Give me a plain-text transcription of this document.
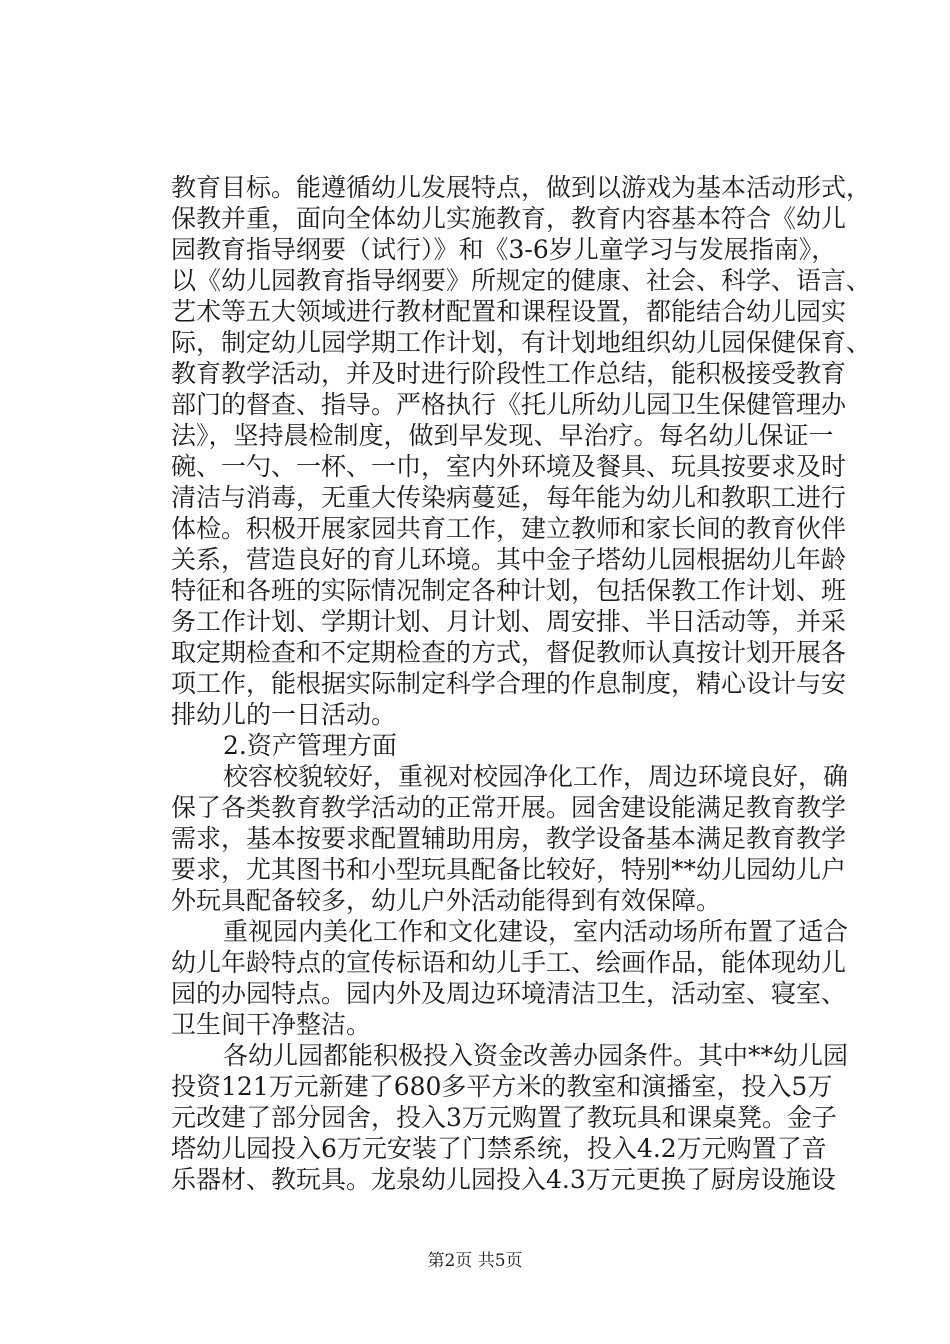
教育目标。能遵循幼儿发展特点，做到以游戏为基本活动形式，
保教并重，面向全体幼儿实施教育，教育内容基本符合《幼儿
园教育指导纲要（试行）》和《3-6岁儿童学习与发展指南》，
以《幼儿园教育指导纲要》所规定的健康、社会、科学、语言、
艺术等五大领域进行教材配置和课程设置，都能结合幼儿园实
际，制定幼儿园学期工作计划，有计划地组织幼儿园保健保育、
教育教学活动，并及时进行阶段性工作总结，能积极接受教育
部门的督查、指导。严格执行《托儿所幼儿园卫生保健管理办
法》，坚持晨检制度，做到早发现、早治疗。每名幼儿保证一
碗、一勺、一杯、一巾，室内外环境及餐具、玩具按要求及时
清洁与消毒，无重大传染病蔓延，每年能为幼儿和教职工进行
体检。积极开展家园共育工作，建立教师和家长间的教育伙伴
关系，营造良好的育儿环境。其中金子塔幼儿园根据幼儿年龄
特征和各班的实际情况制定各种计划，包括保教工作计划、班
务工作计划、学期计划、月计划、周安排、半日活动等，并采
取定期检查和不定期检查的方式，督促教师认真按计划开展各
项工作，能根据实际制定科学合理的作息制度，精心设计与安
排幼儿的一日活动。
2.资产管理方面
校容校貌较好，重视对校园净化工作，周边环境良好，确
保了各类教育教学活动的正常开展。园舍建设能满足教育教学
需求，基本按要求配置辅助用房，教学设备基本满足教育教学
要求，尤其图书和小型玩具配备比较好，特别**幼儿园幼儿户
外玩具配备较多，幼儿户外活动能得到有效保障。
重视园内美化工作和文化建设，室内活动场所布置了适合
幼儿年龄特点的宣传标语和幼儿手工、绘画作品，能体现幼儿
园的办园特点。园内外及周边环境清洁卫生，活动室、寝室、
卫生间干净整洁。
各幼儿园都能积极投入资金改善办园条件。其中**幼儿园
投资121万元新建了680多平方米的教室和演播室，投入5万
元改建了部分园舍，投入3万元购置了教玩具和课桌凳。金子
塔幼儿园投入6万元安装了门禁系统，投入4.2万元购置了音
乐器材、教玩具。龙泉幼儿园投入4.3万元更换了厨房设施设
第2页 共5页
